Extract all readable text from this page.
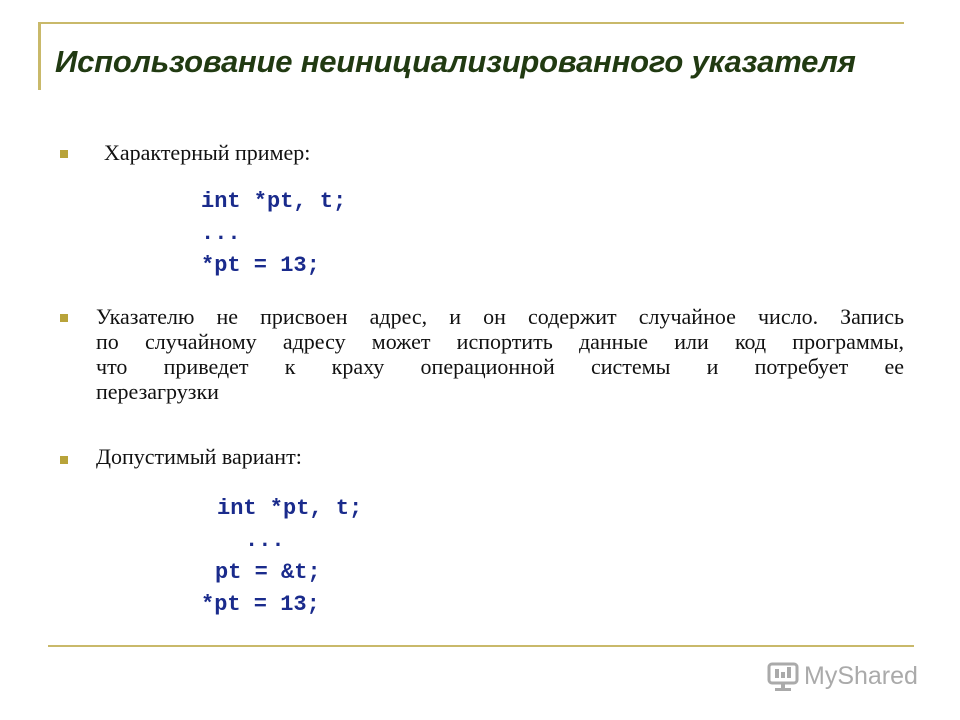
Использование неинициализированного указателя
Характерный пример:
int *pt, t;
...
*pt = 13;
Указателю не присвоен адрес, и он содержит случайное число. Запись
по случайному адресу может испортить данные или код программы,
что приведет к краху операционной системы и потребует ее
перезагрузки
Допустимый вариант:
int *pt, t;
...
pt = &t;
*pt = 13;
MyShared
